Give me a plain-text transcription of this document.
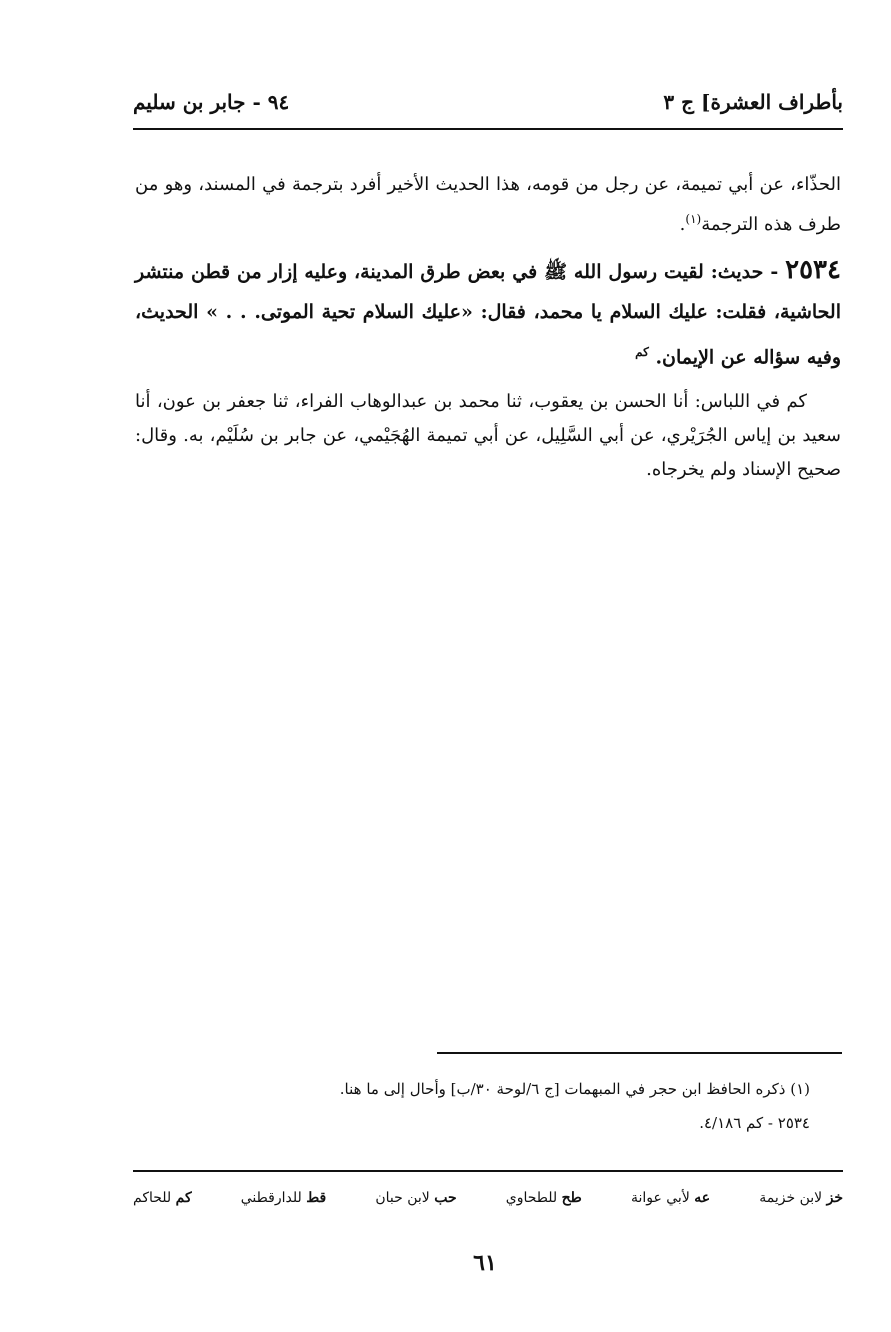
بأطراف العشرة] ج ٣
٩٤ - جابر بن سليم

الحذّاء، عن أبي تميمة، عن رجل من قومه، هذا الحديث الأخير أفرد بترجمة في المسند، وهو من طرف هذه الترجمة$^{(١)}$.

٢٥٣٤ - حديث: لقيت رسول الله ﷺ في بعض طرق المدينة، وعليه إزار من قطن منتشر الحاشية، فقلت: عليك السلام يا محمد، فقال: «عليك السلام تحية الموتى. . . » الحديث، وفيه سؤاله عن الإيمان. $^{كم}$

كم في اللباس: أنا الحسن بن يعقوب، ثنا محمد بن عبدالوهاب الفراء، ثنا جعفر بن عون، أنا سعيد بن إياس الجُرَيْري، عن أبي السَّلِيل، عن أبي تميمة الهُجَيْمي، عن جابر بن سُلَيْم، به. وقال: صحيح الإسناد ولم يخرجاه.

(١) ذكره الحافظ ابن حجر في المبهمات [ج ٦/لوحة ٣٠/ب] وأحال إلى ما هنا.

٢٥٣٤ - كم ٤/١٨٦.

خز لابن خزيمة
عه لأبي عوانة
طح للطحاوي
حب لابن حبان
قط للدارقطني
كم للحاكم
٦١
